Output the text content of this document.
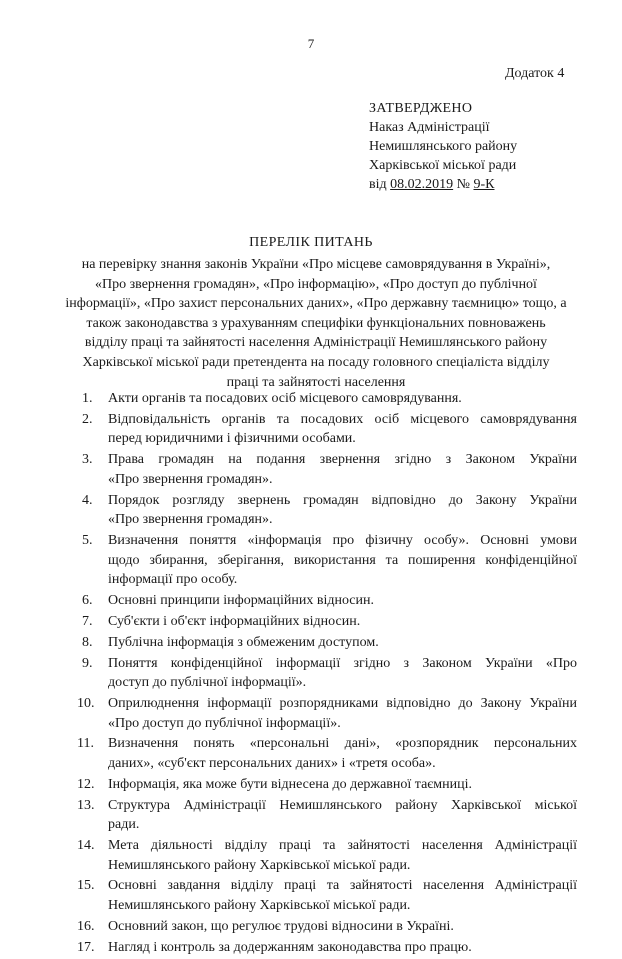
7
Додаток 4
ЗАТВЕРДЖЕНО
Наказ Адміністрації
Немишлянського району
Харківської міської ради
від 08.02.2019 № 9-К
ПЕРЕЛІК ПИТАНЬ
на перевірку знання законів України «Про місцеве самоврядування в Україні»,
«Про звернення громадян», «Про інформацію», «Про доступ до публічної
інформації», «Про захист персональних даних», «Про державну таємницю» тощо, а
також законодавства з урахуванням специфіки функціональних повноважень
відділу праці та зайнятості населення Адміністрації Немишлянського району
Харківської міської ради претендента на посаду головного спеціаліста відділу
праці та зайнятості населення
1.	Акти органів та посадових осіб місцевого самоврядування.
2.	Відповідальність органів та посадових осіб місцевого самоврядування
перед юридичними і фізичними особами.
3.	Права громадян на подання звернення згідно з Законом України
«Про звернення громадян».
4.	Порядок розгляду звернень громадян відповідно до Закону України
«Про звернення громадян».
5.	Визначення поняття «інформація про фізичну особу». Основні умови
щодо збирання, зберігання, використання та поширення конфіденційної
інформації про особу.
6.	Основні принципи інформаційних відносин.
7.	Суб'єкти і об'єкт інформаційних відносин.
8.	Публічна інформація з обмеженим доступом.
9.	Поняття конфіденційної інформації згідно з Законом України «Про
доступ до публічної інформації».
10. Оприлюднення інформації розпорядниками відповідно до Закону України
«Про доступ до публічної інформації».
11.	Визначення понять «персональні дані», «розпорядник персональних
даних», «суб'єкт персональних даних» і «третя особа».
12. Інформація, яка може бути віднесена до державної таємниці.
13. Структура Адміністрації Немишлянського району Харківської міської
ради.
14. Мета діяльності відділу праці та зайнятості населення Адміністрації
Немишлянського району Харківської міської ради.
15. Основні завдання відділу праці та зайнятості населення Адміністрації
Немишлянського району Харківської міської ради.
16. Основний закон, що регулює трудові відносини в Україні.
17. Нагляд і контроль за додержанням законодавства про працю.
